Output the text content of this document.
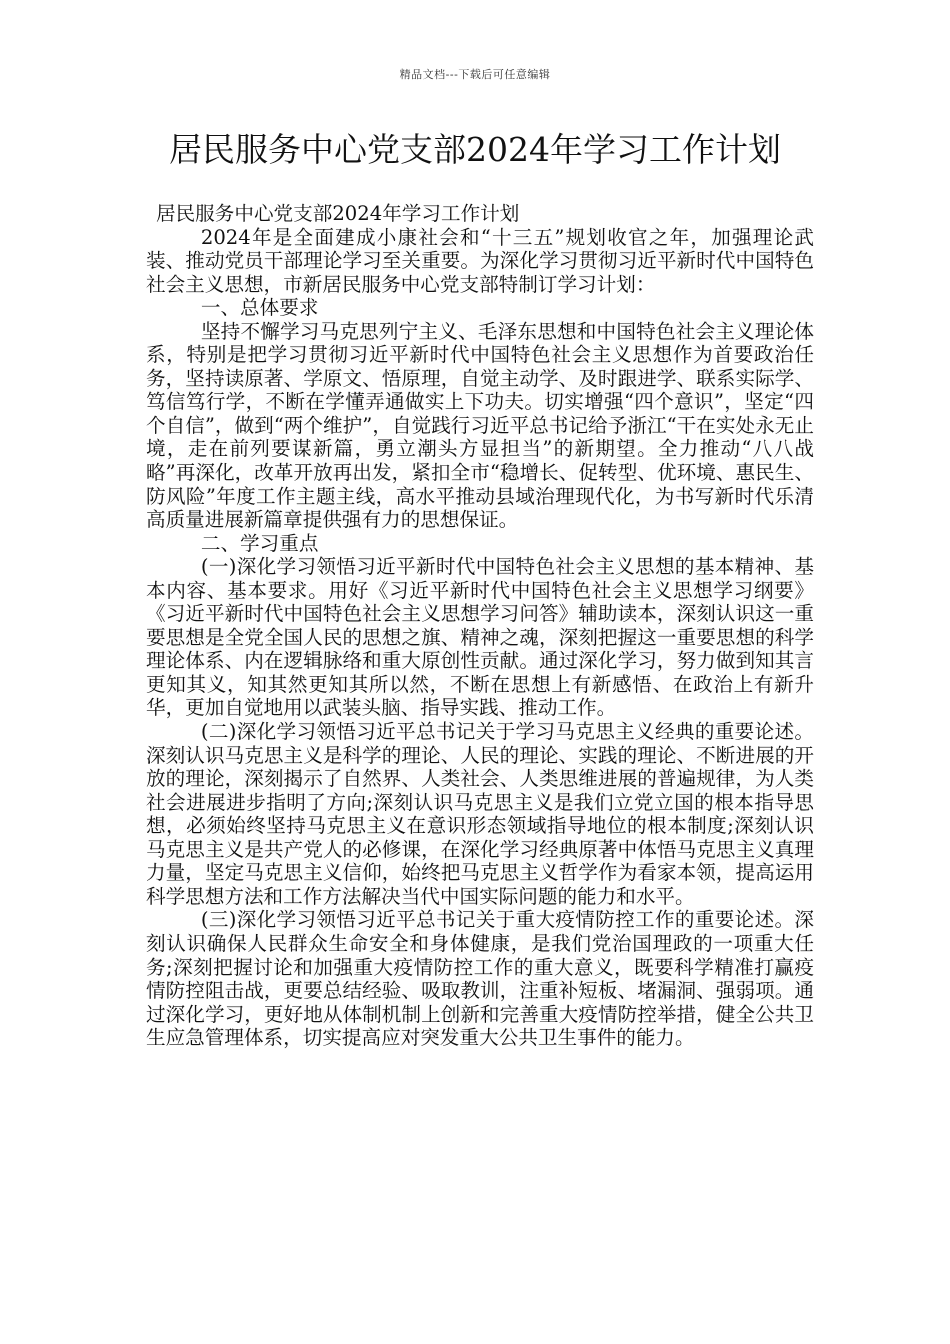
精品文档---下载后可任意编辑
居民服务中心党支部2024年学习工作计划

居民服务中心党支部2024年学习工作计划

2024年是全面建成小康社会和“十三五”规划收官之年，加强理论武装、推动党员干部理论学习至关重要。为深化学习贯彻习近平新时代中国特色社会主义思想，市新居民服务中心党支部特制订学习计划：

一、总体要求

坚持不懈学习马克思列宁主义、毛泽东思想和中国特色社会主义理论体系，特别是把学习贯彻习近平新时代中国特色社会主义思想作为首要政治任务，坚持读原著、学原文、悟原理，自觉主动学、及时跟进学、联系实际学、笃信笃行学，不断在学懂弄通做实上下功夫。切实增强“四个意识”，坚定“四个自信”，做到“两个维护”，自觉践行习近平总书记给予浙江“干在实处永无止境，走在前列要谋新篇，勇立潮头方显担当”的新期望。全力推动“八八战略”再深化，改革开放再出发，紧扣全市“稳增长、促转型、优环境、惠民生、防风险”年度工作主题主线，高水平推动县域治理现代化，为书写新时代乐清高质量进展新篇章提供强有力的思想保证。

二、学习重点

(一)深化学习领悟习近平新时代中国特色社会主义思想的基本精神、基本内容、基本要求。用好《习近平新时代中国特色社会主义思想学习纲要》《习近平新时代中国特色社会主义思想学习问答》辅助读本，深刻认识这一重要思想是全党全国人民的思想之旗、精神之魂，深刻把握这一重要思想的科学理论体系、内在逻辑脉络和重大原创性贡献。通过深化学习，努力做到知其言更知其义，知其然更知其所以然，不断在思想上有新感悟、在政治上有新升华，更加自觉地用以武装头脑、指导实践、推动工作。

(二)深化学习领悟习近平总书记关于学习马克思主义经典的重要论述。深刻认识马克思主义是科学的理论、人民的理论、实践的理论、不断进展的开放的理论，深刻揭示了自然界、人类社会、人类思维进展的普遍规律，为人类社会进展进步指明了方向;深刻认识马克思主义是我们立党立国的根本指导思想，必须始终坚持马克思主义在意识形态领域指导地位的根本制度;深刻认识马克思主义是共产党人的必修课，在深化学习经典原著中体悟马克思主义真理力量，坚定马克思主义信仰，始终把马克思主义哲学作为看家本领，提高运用科学思想方法和工作方法解决当代中国实际问题的能力和水平。

(三)深化学习领悟习近平总书记关于重大疫情防控工作的重要论述。深刻认识确保人民群众生命安全和身体健康，是我们党治国理政的一项重大任务;深刻把握讨论和加强重大疫情防控工作的重大意义，既要科学精准打赢疫情防控阻击战，更要总结经验、吸取教训，注重补短板、堵漏洞、强弱项。通过深化学习，更好地从体制机制上创新和完善重大疫情防控举措，健全公共卫生应急管理体系，切实提高应对突发重大公共卫生事件的能力。
